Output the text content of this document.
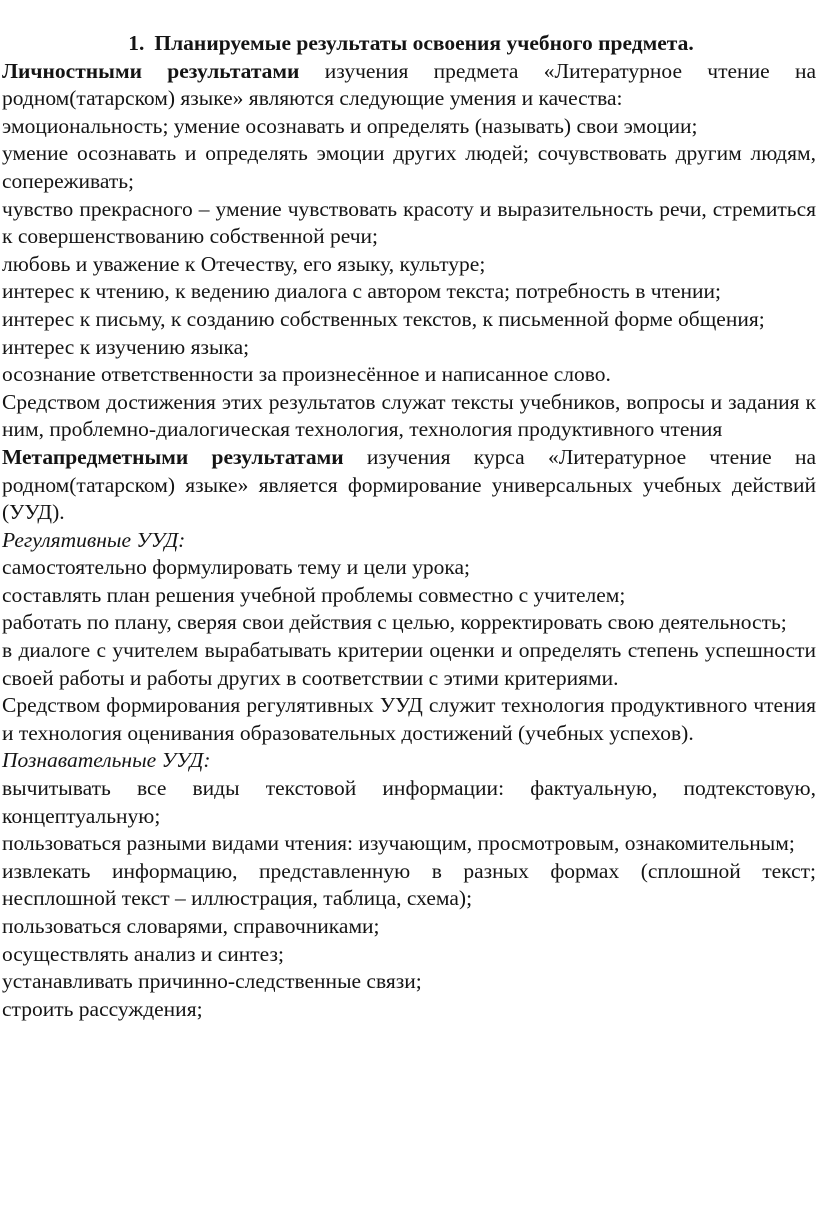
1. Планируемые результаты освоения учебного предмета.

Личностными результатами изучения предмета «Литературное чтение на родном(татарском) языке» являются следующие умения и качества:

эмоциональность; умение осознавать и определять (называть) свои эмоции;

умение осознавать и определять эмоции других людей; сочувствовать другим людям, сопереживать;

чувство прекрасного – умение чувствовать красоту и выразительность речи, стремиться к совершенствованию собственной речи;

любовь и уважение к Отечеству, его языку, культуре;

интерес к чтению, к ведению диалога с автором текста; потребность в чтении;

интерес к письму, к созданию собственных текстов, к письменной форме общения;

интерес к изучению языка;

осознание ответственности за произнесённое и написанное слово.

Средством достижения этих результатов служат тексты учебников, вопросы и задания к ним, проблемно-диалогическая технология, технология продуктивного чтения

Метапредметными результатами изучения курса «Литературное чтение на родном(татарском) языке» является формирование универсальных учебных действий (УУД).

Регулятивные УУД:

самостоятельно формулировать тему и цели урока;

составлять план решения учебной проблемы совместно с учителем;

работать по плану, сверяя свои действия с целью, корректировать свою деятельность;

в диалоге с учителем вырабатывать критерии оценки и определять степень успешности своей работы и работы других в соответствии с этими критериями.

Средством формирования регулятивных УУД служит технология продуктивного чтения и технология оценивания образовательных достижений (учебных успехов).

Познавательные УУД:

вычитывать все виды текстовой информации: фактуальную, подтекстовую, концептуальную;

пользоваться разными видами чтения: изучающим, просмотровым, ознакомительным;

извлекать информацию, представленную в разных формах (сплошной текст; несплошной текст – иллюстрация, таблица, схема);

пользоваться словарями, справочниками;

осуществлять анализ и синтез;

устанавливать причинно-следственные связи;

строить рассуждения;
